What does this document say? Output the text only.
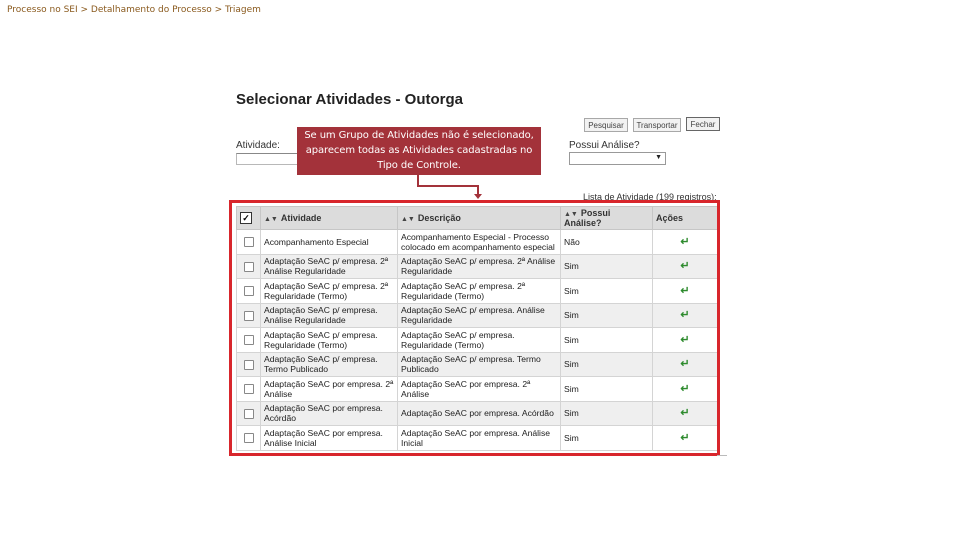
Processo no SEI > Detalhamento do Processo > Triagem
Selecionar Atividades - Outorga
Pesquisar	Transportar	Fechar
Atividade:	Possui Análise?
▼
Se um Grupo de Atividades não é selecionado, aparecem todas as Atividades cadastradas no Tipo de Controle.
Lista de Atividade (199 registros):
✓	▲▼ Atividade	▲▼ Descrição	▲▼ Possui Análise?	Ações
	Acompanhamento Especial	Acompanhamento Especial - Processo colocado em acompanhamento especial	Não	↵
	Adaptação SeAC p/ empresa. 2ª Análise Regularidade	Adaptação SeAC p/ empresa. 2ª Análise Regularidade	Sim	↵
	Adaptação SeAC p/ empresa. 2ª Regularidade (Termo)	Adaptação SeAC p/ empresa. 2ª Regularidade (Termo)	Sim	↵
	Adaptação SeAC p/ empresa. Análise Regularidade	Adaptação SeAC p/ empresa. Análise Regularidade	Sim	↵
	Adaptação SeAC p/ empresa. Regularidade (Termo)	Adaptação SeAC p/ empresa. Regularidade (Termo)	Sim	↵
	Adaptação SeAC p/ empresa. Termo Publicado	Adaptação SeAC p/ empresa. Termo Publicado	Sim	↵
	Adaptação SeAC por empresa. 2ª Análise	Adaptação SeAC por empresa. 2ª Análise	Sim	↵
	Adaptação SeAC por empresa. Acórdão	Adaptação SeAC por empresa. Acórdão	Sim	↵
	Adaptação SeAC por empresa. Análise Inicial	Adaptação SeAC por empresa. Análise Inicial	Sim	↵
